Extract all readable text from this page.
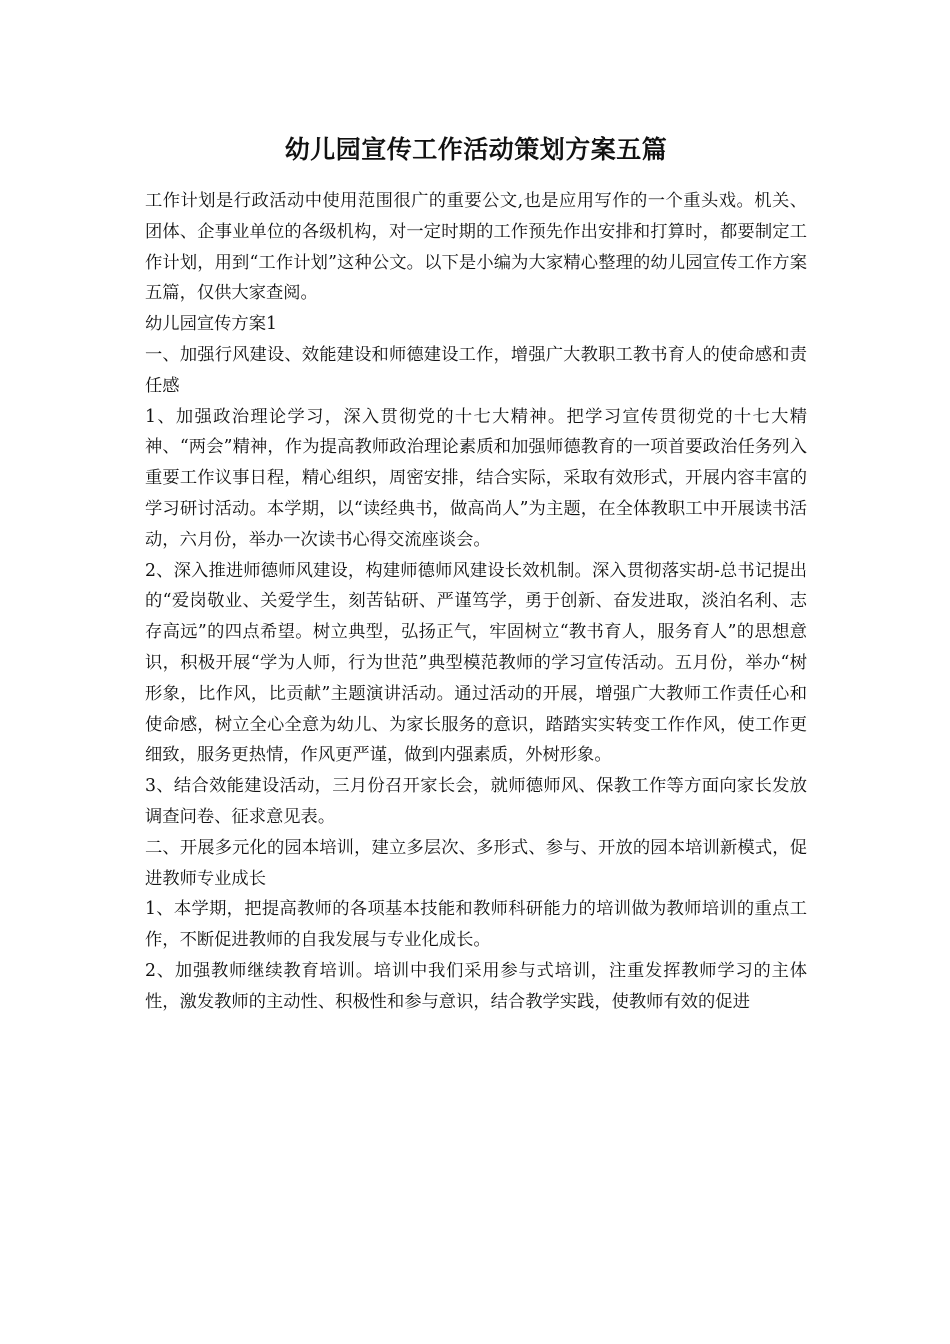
幼儿园宣传工作活动策划方案五篇

工作计划是行政活动中使用范围很广的重要公文,也是应用写作的一个重头戏。机关、团体、企事业单位的各级机构，对一定时期的工作预先作出安排和打算时，都要制定工作计划，用到“工作计划”这种公文。以下是小编为大家精心整理的幼儿园宣传工作方案五篇，仅供大家查阅。

幼儿园宣传方案1

一、加强行风建设、效能建设和师德建设工作，增强广大教职工教书育人的使命感和责任感

1、加强政治理论学习，深入贯彻党的十七大精神。把学习宣传贯彻党的十七大精神、“两会”精神，作为提高教师政治理论素质和加强师德教育的一项首要政治任务列入重要工作议事日程，精心组织，周密安排，结合实际，采取有效形式，开展内容丰富的学习研讨活动。本学期，以“读经典书，做高尚人”为主题，在全体教职工中开展读书活动，六月份，举办一次读书心得交流座谈会。

2、深入推进师德师风建设，构建师德师风建设长效机制。深入贯彻落实胡-总书记提出的“爱岗敬业、关爱学生，刻苦钻研、严谨笃学，勇于创新、奋发进取，淡泊名利、志存高远”的四点希望。树立典型，弘扬正气，牢固树立“教书育人，服务育人”的思想意识，积极开展“学为人师，行为世范”典型模范教师的学习宣传活动。五月份，举办“树形象，比作风，比贡献”主题演讲活动。通过活动的开展，增强广大教师工作责任心和使命感，树立全心全意为幼儿、为家长服务的意识，踏踏实实转变工作作风，使工作更细致，服务更热情，作风更严谨，做到内强素质，外树形象。

3、结合效能建设活动，三月份召开家长会，就师德师风、保教工作等方面向家长发放调查问卷、征求意见表。

二、开展多元化的园本培训，建立多层次、多形式、参与、开放的园本培训新模式，促进教师专业成长

1、本学期，把提高教师的各项基本技能和教师科研能力的培训做为教师培训的重点工作，不断促进教师的自我发展与专业化成长。

2、加强教师继续教育培训。培训中我们采用参与式培训，注重发挥教师学习的主体性，激发教师的主动性、积极性和参与意识，结合教学实践，使教师有效的促进
